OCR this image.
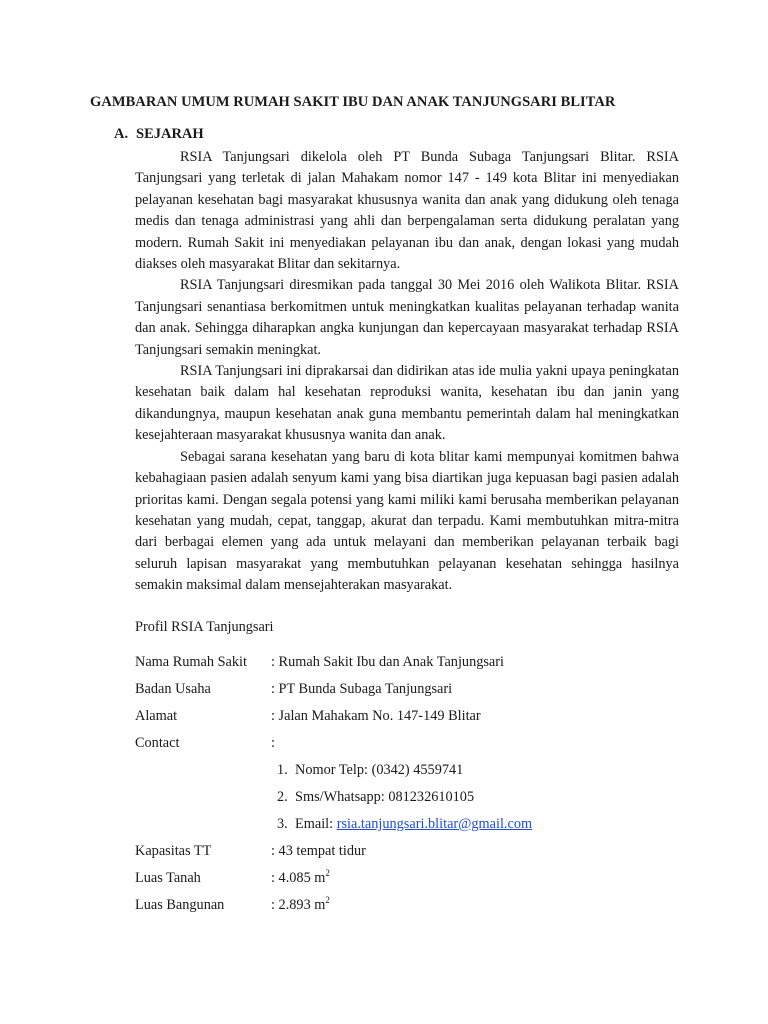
GAMBARAN UMUM RUMAH SAKIT IBU DAN ANAK TANJUNGSARI BLITAR
A. SEJARAH

RSIA Tanjungsari dikelola oleh PT Bunda Subaga Tanjungsari Blitar. RSIA Tanjungsari yang terletak di jalan Mahakam nomor 147 - 149 kota Blitar ini menyediakan pelayanan kesehatan bagi masyarakat khususnya wanita dan anak yang didukung oleh tenaga medis dan tenaga administrasi yang ahli dan berpengalaman serta didukung peralatan yang modern. Rumah Sakit ini menyediakan pelayanan ibu dan anak, dengan lokasi yang mudah diakses oleh masyarakat Blitar dan sekitarnya.

RSIA Tanjungsari diresmikan pada tanggal 30 Mei 2016 oleh Walikota Blitar. RSIA Tanjungsari senantiasa berkomitmen untuk meningkatkan kualitas pelayanan terhadap wanita dan anak. Sehingga diharapkan angka kunjungan dan kepercayaan masyarakat terhadap RSIA Tanjungsari semakin meningkat.

RSIA Tanjungsari ini diprakarsai dan didirikan atas ide mulia yakni upaya peningkatan kesehatan baik dalam hal kesehatan reproduksi wanita, kesehatan ibu dan janin yang dikandungnya, maupun kesehatan anak guna membantu pemerintah dalam hal meningkatkan kesejahteraan masyarakat khususnya wanita dan anak.

Sebagai sarana kesehatan yang baru di kota blitar kami mempunyai komitmen bahwa kebahagiaan pasien adalah senyum kami yang bisa diartikan juga kepuasan bagi pasien adalah prioritas kami. Dengan segala potensi yang kami miliki kami berusaha memberikan pelayanan kesehatan yang mudah, cepat, tanggap, akurat dan terpadu. Kami membutuhkan mitra-mitra dari berbagai elemen yang ada untuk melayani dan memberikan pelayanan terbaik bagi seluruh lapisan masyarakat yang membutuhkan pelayanan kesehatan sehingga hasilnya semakin maksimal dalam mensejahterakan masyarakat.

Profil RSIA Tanjungsari
Nama Rumah Sakit : Rumah Sakit Ibu dan Anak Tanjungsari
Badan Usaha	: PT Bunda Subaga Tanjungsari
Alamat	: Jalan Mahakam No. 147-149 Blitar
Contact	:
1. Nomor Telp: (0342) 4559741
2. Sms/Whatsapp: 081232610105
3. Email: rsia.tanjungsari.blitar@gmail.com
Kapasitas TT	: 43 tempat tidur
Luas Tanah	: 4.085 $m^2$
Luas Bangunan	: 2.893 $m^2$
